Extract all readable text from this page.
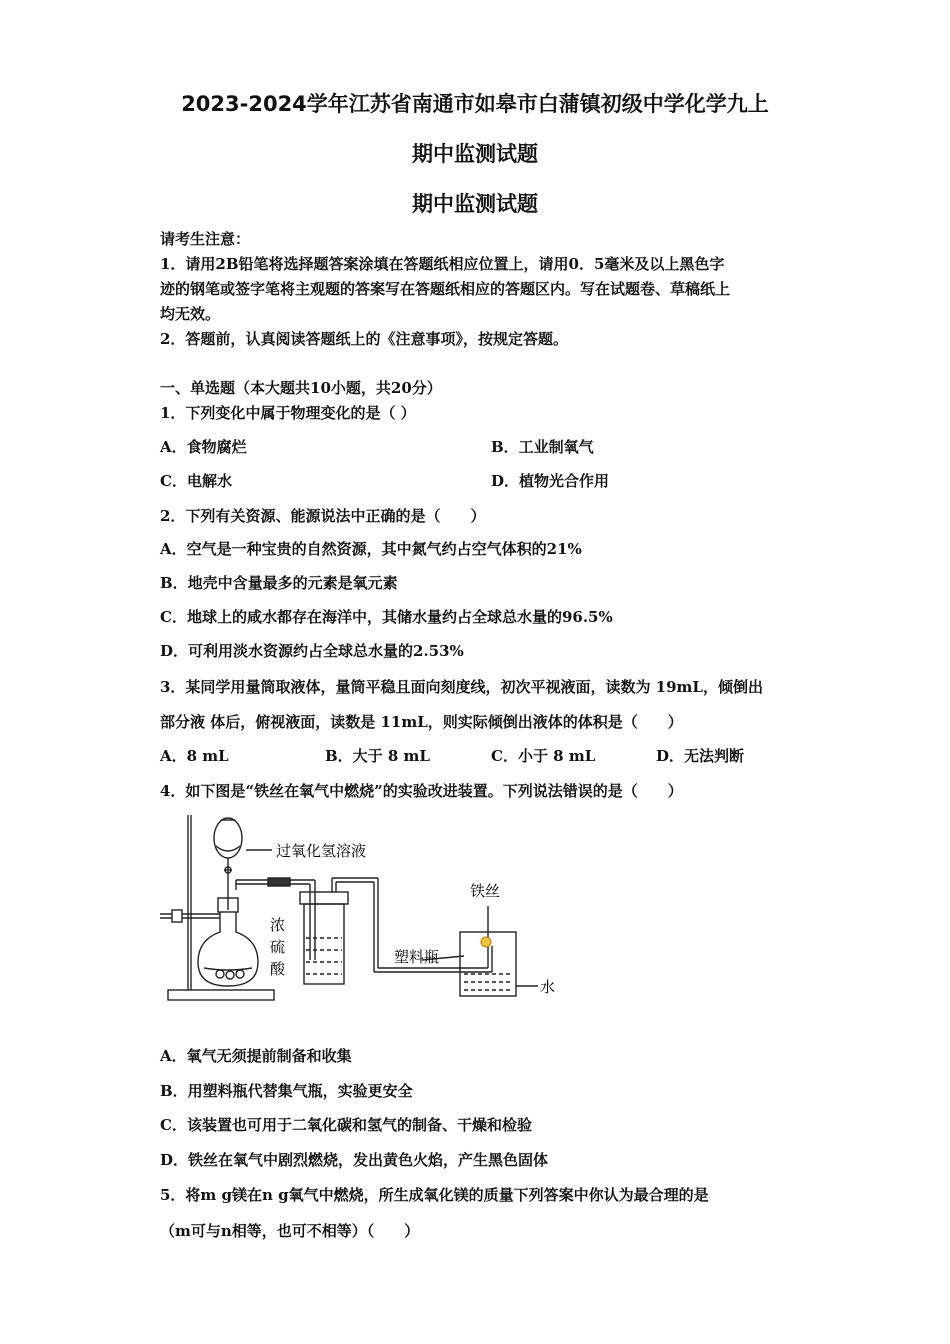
2023-2024学年江苏省南通市如皋市白蒲镇初级中学化学九上
期中监测试题
期中监测试题
请考生注意：
1．请用2B铅笔将选择题答案涂填在答题纸相应位置上，请用0．5毫米及以上黑色字
迹的钢笔或签字笔将主观题的答案写在答题纸相应的答题区内。写在试题卷、草稿纸上
均无效。
2．答题前，认真阅读答题纸上的《注意事项》，按规定答题。
一、单选题（本大题共10小题，共20分）
1．下列变化中属于物理变化的是（ ）
A．食物腐烂	B．工业制氧气
C．电解水	D．植物光合作用
2．下列有关资源、能源说法中正确的是（　　）
A．空气是一种宝贵的自然资源，其中氮气约占空气体积的21%
B．地壳中含量最多的元素是氧元素
C．地球上的咸水都存在海洋中，其储水量约占全球总水量的96.5%
D．可利用淡水资源约占全球总水量的2.53%
3．某同学用量筒取液体，量筒平稳且面向刻度线，初次平视液面，读数为 19mL，倾倒出
部分液 体后，俯视液面，读数是 11mL，则实际倾倒出液体的体积是（　　）
A．8 mL	B．大于 8 mL	C．小于 8 mL	D．无法判断
4．如下图是“铁丝在氧气中燃烧”的实验改进装置。下列说法错误的是（　　）
过氧化氢溶液
浓
硫
酸
铁丝
塑料瓶
水
A．氧气无须提前制备和收集
B．用塑料瓶代替集气瓶，实验更安全
C．该装置也可用于二氧化碳和氢气的制备、干燥和检验
D．铁丝在氧气中剧烈燃烧，发出黄色火焰，产生黑色固体
5．将m g镁在n g氧气中燃烧，所生成氧化镁的质量下列答案中你认为最合理的是
（m可与n相等，也可不相等）（　　）
